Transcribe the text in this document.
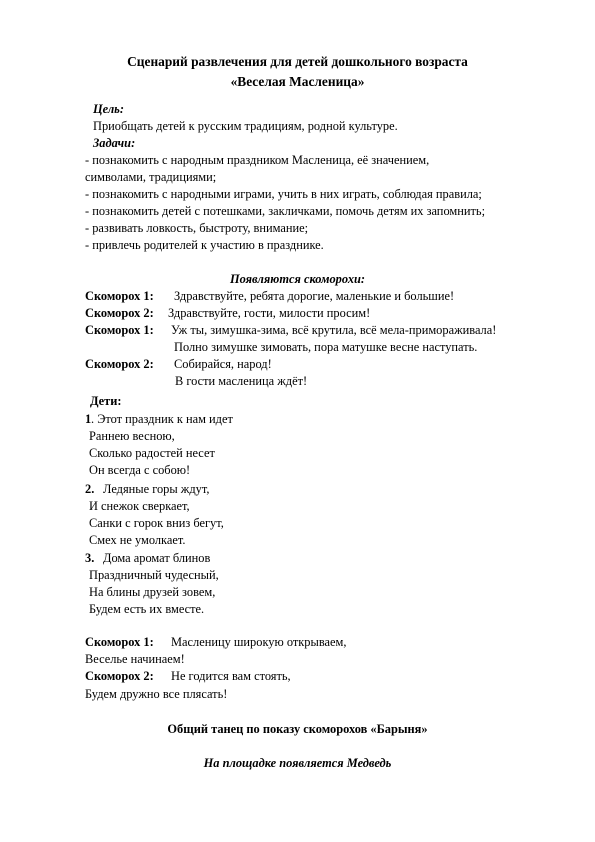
Сценарий развлечения для детей дошкольного возраста
«Веселая Масленица»
Цель:
Приобщать детей к русским традициям, родной культуре.
Задачи:
- познакомить с народным праздником Масленица, её значением,
символами, традициями;
- познакомить с народными играми, учить в них играть, соблюдая правила;
- познакомить детей с потешками, закличками, помочь детям их запомнить;
- развивать ловкость, быстроту, внимание;
- привлечь родителей к участию в празднике.
Появляются скоморохи:
Скоморох 1: Здравствуйте, ребята дорогие, маленькие и большие!
Скоморох 2: Здравствуйте, гости, милости просим!
Скоморох 1: Уж ты, зимушка-зима, всё крутила, всё мела-примораживала!
Полно зимушке зимовать, пора матушке весне наступать.
Скоморох 2: Собирайся, народ!
В гости масленица ждёт!
Дети:
1 . Этот праздник к нам идет
Раннею весною,
Сколько радостей несет
Он всегда с собою!
2. Ледяные горы ждут,
И снежок сверкает,
Санки с горок вниз бегут,
Смех не умолкает.
3. Дома аромат блинов
Праздничный чудесный,
На блины друзей зовем,
Будем есть их вместе.
Скоморох 1: Масленицу широкую открываем,
Веселье начинаем!
Скоморох 2: Не годится вам стоять,
Будем дружно все плясать!
Общий танец по показу скоморохов «Барыня»
На площадке появляется Медведь
